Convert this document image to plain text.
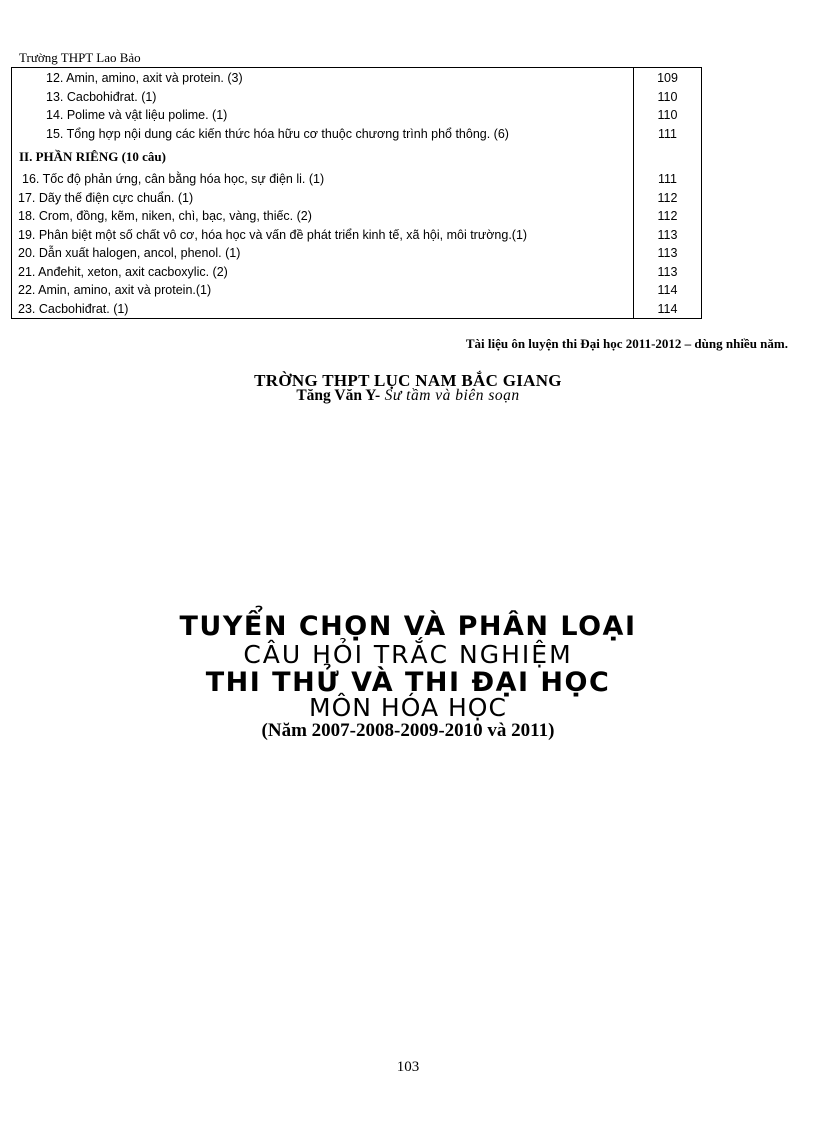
Trường THPT Lao Bảo
12. Amin, amino, axit và protein. (3)	109
13. Cacbohiđrat. (1)	110
14. Polime và vật liệu polime. (1)	110
15. Tổng hợp nội dung các kiến thức hóa hữu cơ thuộc chương trình phổ thông. (6)	111
II. PHẦN RIÊNG (10 câu)	
16. Tốc độ phản ứng, cân bằng hóa học, sự điện li. (1)	111
17. Dãy thế điện cực chuẩn. (1)	112
18. Crom, đồng, kẽm, niken, chì, bạc, vàng, thiếc. (2)	112
19. Phân biệt một số chất vô cơ, hóa học và vấn đề phát triển kinh tế, xã hội, môi trường.(1)	113
20. Dẫn xuất halogen, ancol, phenol. (1)	113
21. Anđehit, xeton, axit cacboxylic. (2)	113
22. Amin, amino, axit và protein.(1)	114
23. Cacbohiđrat. (1)	114
Tài liệu ôn luyện thi Đại học 2011-2012 – dùng nhiều năm.
TRỜNG THPT LỤC NAM BẮC GIANG
Tăng Văn Y- Sư tầm và biên soạn
TUYỂN CHỌN VÀ PHÂN LOẠI
CÂU HỎI TRẮC NGHIỆM
THI THỬ VÀ THI ĐẠI HỌC
MÔN HÓA HỌC
(Năm 2007-2008-2009-2010 và 2011)
103
